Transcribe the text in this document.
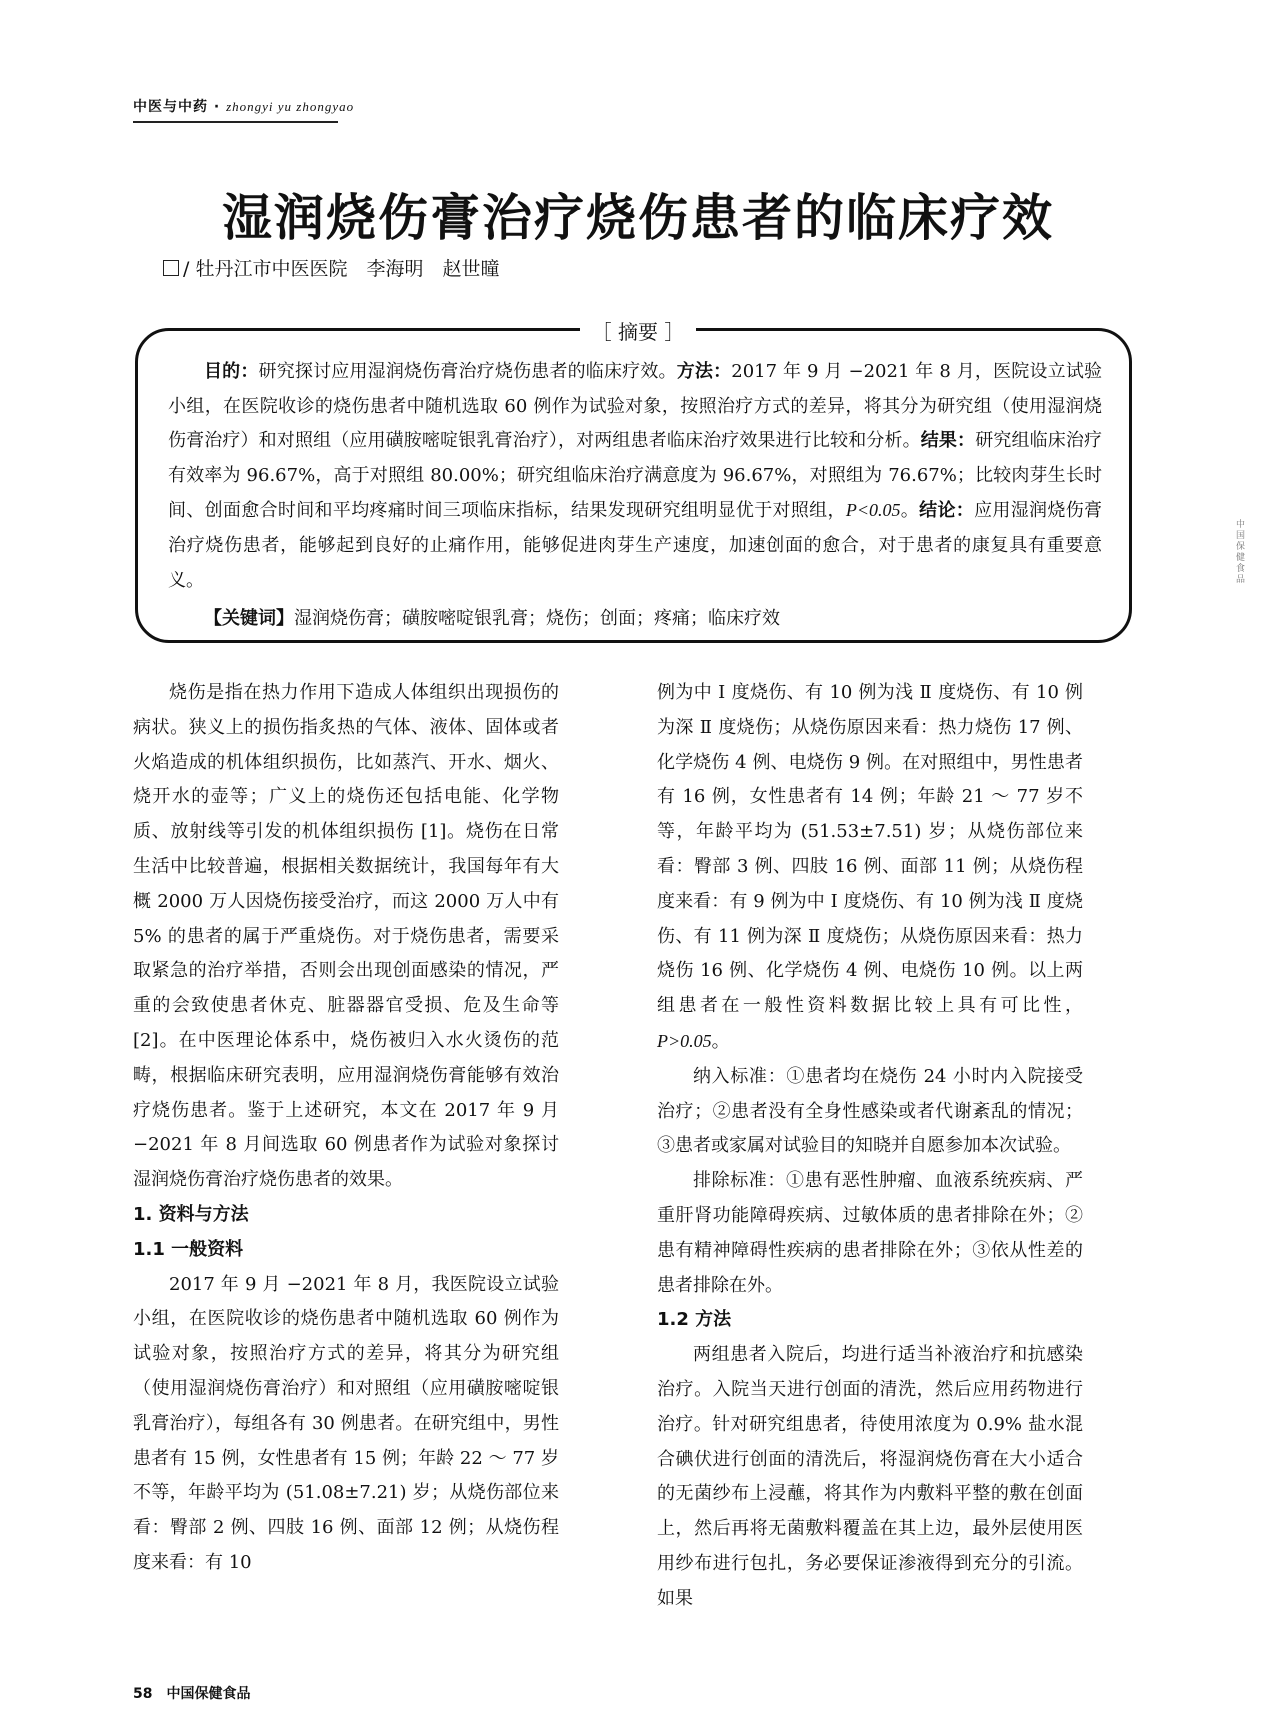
中医与中药 · zhongyi yu zhongyao
湿润烧伤膏治疗烧伤患者的临床疗效
/ 牡丹江市中医医院　李海明　赵世曈
［ 摘要 ］

目的：研究探讨应用湿润烧伤膏治疗烧伤患者的临床疗效。方法：2017 年 9 月 −2021 年 8 月，医院设立试验小组，在医院收诊的烧伤患者中随机选取 60 例作为试验对象，按照治疗方式的差异，将其分为研究组（使用湿润烧伤膏治疗）和对照组（应用磺胺嘧啶银乳膏治疗），对两组患者临床治疗效果进行比较和分析。结果：研究组临床治疗有效率为 96.67%，高于对照组 80.00%；研究组临床治疗满意度为 96.67%，对照组为 76.67%；比较肉芽生长时间、创面愈合时间和平均疼痛时间三项临床指标，结果发现研究组明显优于对照组，P<0.05。结论：应用湿润烧伤膏治疗烧伤患者，能够起到良好的止痛作用，能够促进肉芽生产速度，加速创面的愈合，对于患者的康复具有重要意义。

【关键词】湿润烧伤膏；磺胺嘧啶银乳膏；烧伤；创面；疼痛；临床疗效

烧伤是指在热力作用下造成人体组织出现损伤的病状。狭义上的损伤指炙热的气体、液体、固体或者火焰造成的机体组织损伤，比如蒸汽、开水、烟火、烧开水的壶等；广义上的烧伤还包括电能、化学物质、放射线等引发的机体组织损伤 [1]。烧伤在日常生活中比较普遍，根据相关数据统计，我国每年有大概 2000 万人因烧伤接受治疗，而这 2000 万人中有 5% 的患者的属于严重烧伤。对于烧伤患者，需要采取紧急的治疗举措，否则会出现创面感染的情况，严重的会致使患者休克、脏器器官受损、危及生命等 [2]。在中医理论体系中，烧伤被归入水火烫伤的范畴，根据临床研究表明，应用湿润烧伤膏能够有效治疗烧伤患者。鉴于上述研究，本文在 2017 年 9 月 −2021 年 8 月间选取 60 例患者作为试验对象探讨湿润烧伤膏治疗烧伤患者的效果。

1. 资料与方法
1.1 一般资料

2017 年 9 月 −2021 年 8 月，我医院设立试验小组，在医院收诊的烧伤患者中随机选取 60 例作为试验对象，按照治疗方式的差异，将其分为研究组（使用湿润烧伤膏治疗）和对照组（应用磺胺嘧啶银乳膏治疗），每组各有 30 例患者。在研究组中，男性患者有 15 例，女性患者有 15 例；年龄 22 ～ 77 岁不等，年龄平均为 (51.08±7.21) 岁；从烧伤部位来看：臀部 2 例、四肢 16 例、面部 12 例；从烧伤程度来看：有 10

例为中 Ⅰ 度烧伤、有 10 例为浅 Ⅱ 度烧伤、有 10 例为深 Ⅱ 度烧伤；从烧伤原因来看：热力烧伤 17 例、化学烧伤 4 例、电烧伤 9 例。在对照组中，男性患者有 16 例，女性患者有 14 例；年龄 21 ～ 77 岁不等，年龄平均为 (51.53±7.51) 岁；从烧伤部位来看：臀部 3 例、四肢 16 例、面部 11 例；从烧伤程度来看：有 9 例为中 Ⅰ 度烧伤、有 10 例为浅 Ⅱ 度烧伤、有 11 例为深 Ⅱ 度烧伤；从烧伤原因来看：热力烧伤 16 例、化学烧伤 4 例、电烧伤 10 例。以上两组患者在一般性资料数据比较上具有可比性，P>0.05。

纳入标准：①患者均在烧伤 24 小时内入院接受治疗；②患者没有全身性感染或者代谢紊乱的情况；③患者或家属对试验目的知晓并自愿参加本次试验。

排除标准：①患有恶性肿瘤、血液系统疾病、严重肝肾功能障碍疾病、过敏体质的患者排除在外；②患有精神障碍性疾病的患者排除在外；③依从性差的患者排除在外。

1.2 方法

两组患者入院后，均进行适当补液治疗和抗感染治疗。入院当天进行创面的清洗，然后应用药物进行治疗。针对研究组患者，待使用浓度为 0.9% 盐水混合碘伏进行创面的清洗后，将湿润烧伤膏在大小适合的无菌纱布上浸蘸，将其作为内敷料平整的敷在创面上，然后再将无菌敷料覆盖在其上边，最外层使用医用纱布进行包扎，务必要保证渗液得到充分的引流。如果

中国保健食品
58 中国保健食品
